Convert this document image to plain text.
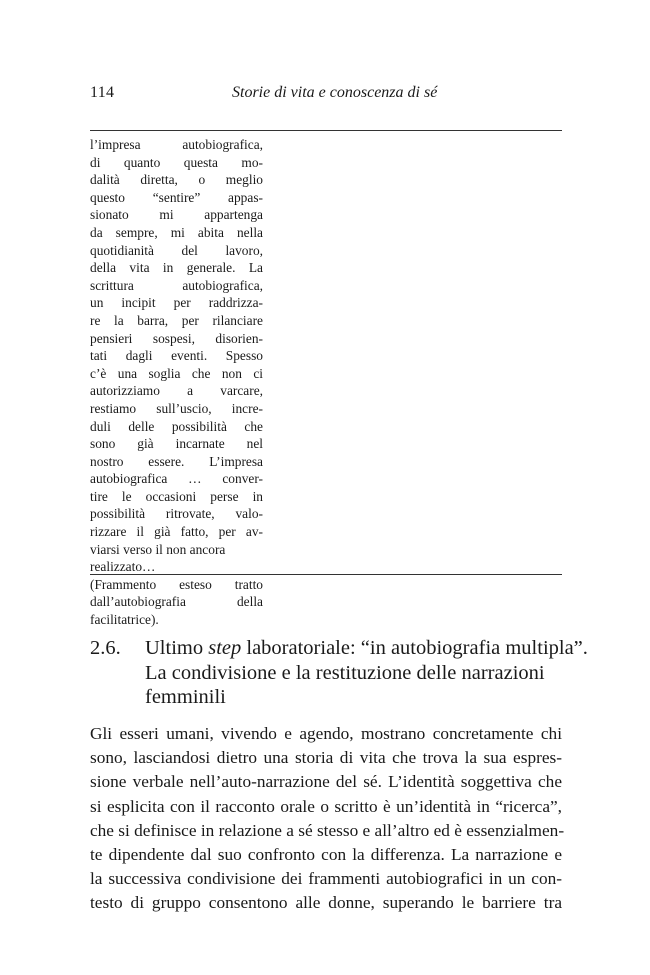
114	Storie di vita e conoscenza di sé
l’impresa autobiografica,
di quanto questa mo-
dalità diretta, o meglio
questo “sentire” appas-
sionato mi appartenga
da sempre, mi abita nella
quotidianità del lavoro,
della vita in generale. La
scrittura autobiografica,
un incipit per raddrizza-
re la barra, per rilanciare
pensieri sospesi, disorien-
tati dagli eventi. Spesso
c’è una soglia che non ci
autorizziamo a varcare,
restiamo sull’uscio, incre-
duli delle possibilità che
sono già incarnate nel
nostro essere. L’impresa
autobiografica … conver-
tire le occasioni perse in
possibilità ritrovate, valo-
rizzare il già fatto, per av-
viarsi verso il non ancora
realizzato…
(Frammento esteso tratto
dall’autobiografia della
facilitatrice).
2.6.	Ultimo step laboratoriale: “in autobiografia multipla”.
La condivisione e la restituzione delle narrazioni
femminili
Gli esseri umani, vivendo e agendo, mostrano concretamente chi
sono, lasciandosi dietro una storia di vita che trova la sua espres-
sione verbale nell’auto-narrazione del sé. L’identità soggettiva che
si esplicita con il racconto orale o scritto è un’identità in “ricerca”,
che si definisce in relazione a sé stesso e all’altro ed è essenzialmen-
te dipendente dal suo confronto con la differenza. La narrazione e
la successiva condivisione dei frammenti autobiografici in un con-
testo di gruppo consentono alle donne, superando le barriere tra
